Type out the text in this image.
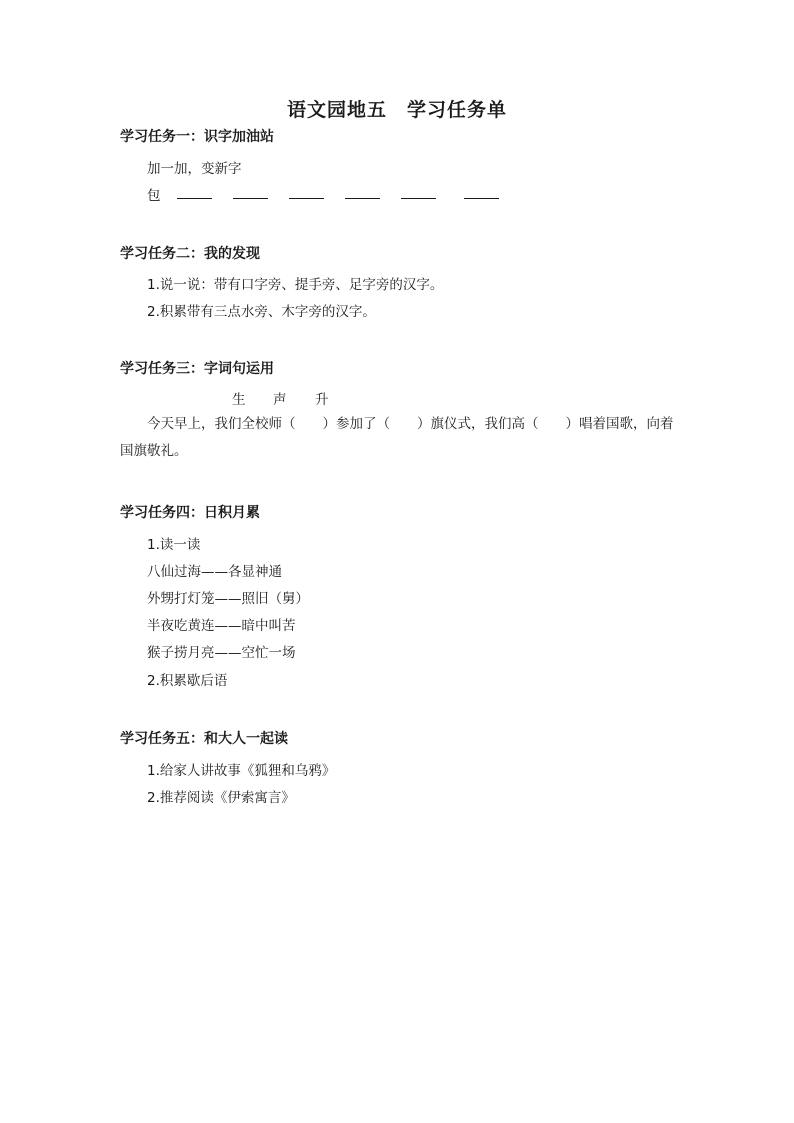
语文园地五　学习任务单
学习任务一：识字加油站
加一加，变新字
包
学习任务二：我的发现
1.说一说：带有口字旁、提手旁、足字旁的汉字。
2.积累带有三点水旁、木字旁的汉字。
学习任务三：字词句运用
生 声 升
今天早上，我们全校师（　　）参加了（　　）旗仪式，我们高（　　）唱着国歌，向着国旗敬礼。
学习任务四：日积月累
1.读一读
八仙过海——各显神通
外甥打灯笼——照旧（舅）
半夜吃黄连——暗中叫苦
猴子捞月亮——空忙一场
2.积累歇后语
学习任务五：和大人一起读
1.给家人讲故事《狐狸和乌鸦》
2.推荐阅读《伊索寓言》
